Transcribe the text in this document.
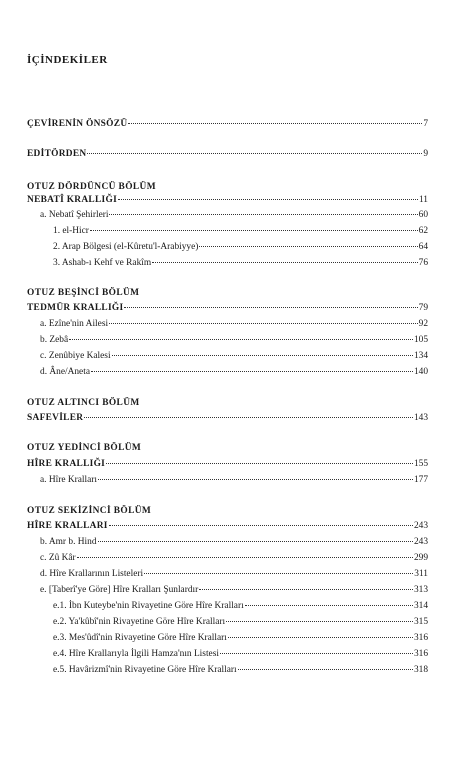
İÇİNDEKİLER
ÇEVİRENİN ÖNSÖZÜ	7
EDİTÖRDEN	9
OTUZ DÖRDÜNCÜ BÖLÜM
NEBATÎ KRALLIĞI	11
a. Nebatî Şehirleri	60
1. el-Hicr	62
2. Arap Bölgesi (el-Kûretu'l-Arabiyye)	64
3. Ashab-ı Kehf ve Rakîm	76
OTUZ BEŞİNCİ BÖLÜM
TEDMÜR KRALLIĞI	79
a. Ezîne'nin Ailesi	92
b. Zebâ	105
c. Zenûbiye Kalesi	134
d. Âne/Aneta	140
OTUZ ALTINCI BÖLÜM
SAFEVİLER	143
OTUZ YEDİNCİ BÖLÜM
HÎRE KRALLIĞI	155
a. Hîre Kralları	177
OTUZ SEKİZİNCİ BÖLÜM
HÎRE KRALLARI	243
b. Amr b. Hind	243
c. Zû Kâr	299
d. Hîre Krallarının Listeleri	311
e. [Taberî'ye Göre] Hîre Kralları Şunlardır	313
e.1. İbn Kuteybe'nin Rivayetine Göre Hîre Kralları	314
e.2. Ya'kûbî'nin Rivayetine Göre Hîre Kralları	315
e.3. Mes'ûdî'nin Rivayetine Göre Hîre Kralları	316
e.4. Hîre Krallarıyla İlgili Hamza'nın Listesi	316
e.5. Havârizmî'nin Rivayetine Göre Hîre Kralları	318
